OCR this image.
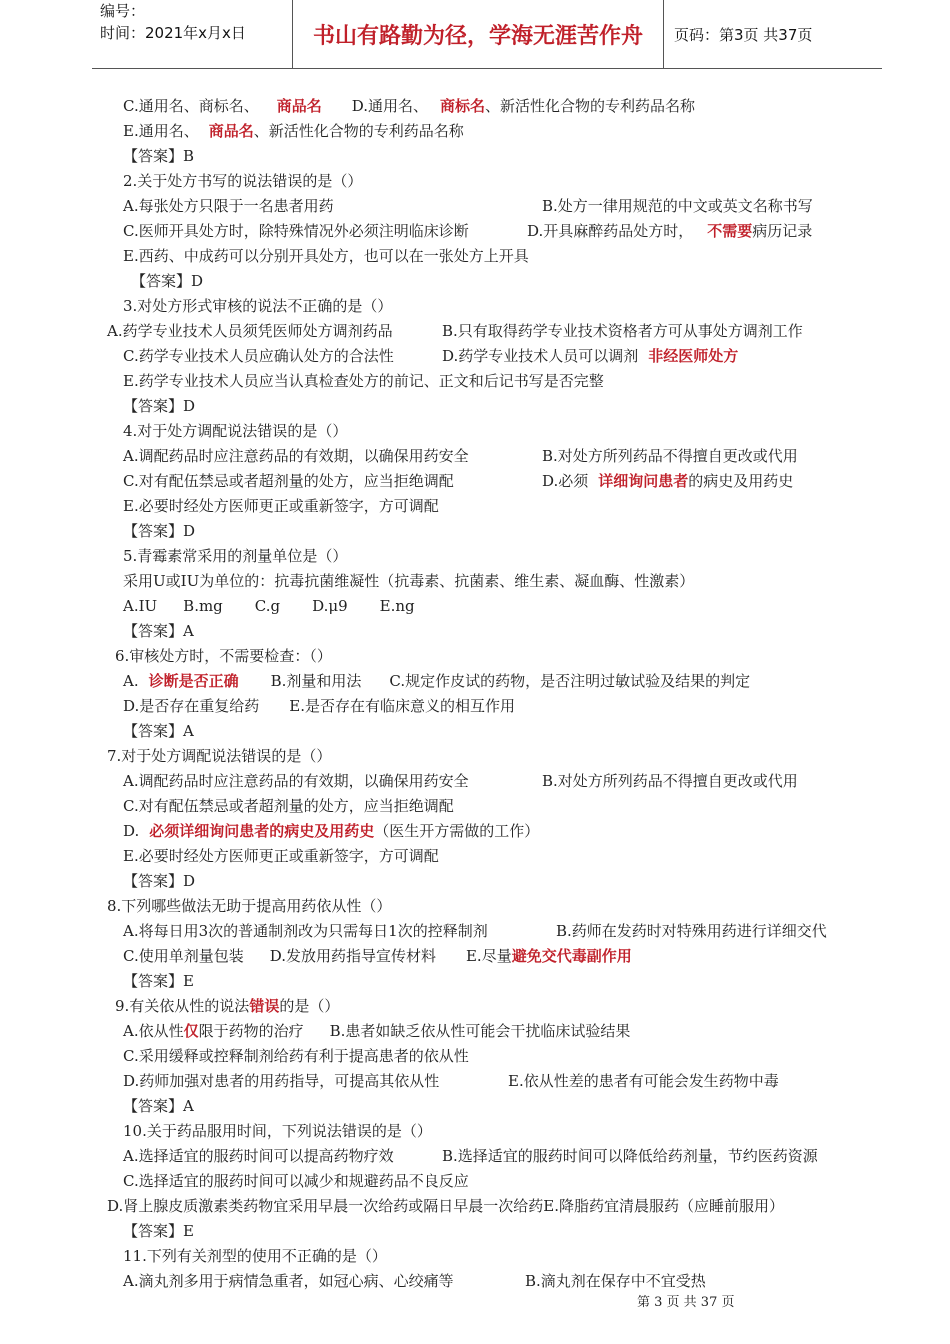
编号：
时间：2021年x月x日	书山有路勤为径，学海无涯苦作舟	页码：第3页 共37页
C.通用名、商标名、 商品名 D.通用名、 商标名、新活性化合物的专利药品名称
E.通用名、 商品名、新活性化合物的专利药品名称
【答案】B
2.关于处方书写的说法错误的是（）
A.每张处方只限于一名患者用药	B.处方一律用规范的中文或英文名称书写
C.医师开具处方时，除特殊情况外必须注明临床诊断	D.开具麻醉药品处方时， 不需要病历记录
E.西药、中成药可以分别开具处方，也可以在一张处方上开具
【答案】D
3.对处方形式审核的说法不正确的是（）
A.药学专业技术人员须凭医师处方调剂药品	B.只有取得药学专业技术资格者方可从事处方调剂工作
C.药学专业技术人员应确认处方的合法性	D.药学专业技术人员可以调剂 非经医师处方
E.药学专业技术人员应当认真检查处方的前记、正文和后记书写是否完整
【答案】D
4.对于处方调配说法错误的是（）
A.调配药品时应注意药品的有效期，以确保用药安全	B.对处方所列药品不得擅自更改或代用
C.对有配伍禁忌或者超剂量的处方，应当拒绝调配	D.必须 详细询问患者的病史及用药史
E.必要时经处方医师更正或重新签字，方可调配
【答案】D
5.青霉素常采用的剂量单位是（）
采用U或IU为单位的：抗毒抗菌维凝性（抗毒素、抗菌素、维生素、凝血酶、性激素）
A.IU B.mg C.g D.μ9 E.ng
【答案】A
6.审核处方时，不需要检查：（）
A. 诊断是否正确 B.剂量和用法 C.规定作皮试的药物，是否注明过敏试验及结果的判定
D.是否存在重复给药 E.是否存在有临床意义的相互作用
【答案】A
7.对于处方调配说法错误的是（）
A.调配药品时应注意药品的有效期，以确保用药安全	B.对处方所列药品不得擅自更改或代用
C.对有配伍禁忌或者超剂量的处方，应当拒绝调配
D. 必须详细询问患者的病史及用药史（医生开方需做的工作）
E.必要时经处方医师更正或重新签字，方可调配
【答案】D
8.下列哪些做法无助于提高用药依从性（）
A.将每日用3次的普通制剂改为只需每日1次的控释制剂	B.药师在发药时对特殊用药进行详细交代
C.使用单剂量包装 D.发放用药指导宣传材料 E.尽量避免交代毒副作用
【答案】E
9.有关依从性的说法错误的是（）
A.依从性仅限于药物的治疗 B.患者如缺乏依从性可能会干扰临床试验结果
C.采用缓释或控释制剂给药有利于提高患者的依从性
D.药师加强对患者的用药指导，可提高其依从性	E.依从性差的患者有可能会发生药物中毒
【答案】A
10.关于药品服用时间，下列说法错误的是（）
A.选择适宜的服药时间可以提高药物疗效	B.选择适宜的服药时间可以降低给药剂量，节约医药资源
C.选择适宜的服药时间可以减少和规避药品不良反应
D.肾上腺皮质激素类药物宜采用早晨一次给药或隔日早晨一次给药E.降脂药宜清晨服药（应睡前服用）
【答案】E
11.下列有关剂型的使用不正确的是（）
A.滴丸剂多用于病情急重者，如冠心病、心绞痛等	B.滴丸剂在保存中不宜受热
第 3 页 共 37 页
